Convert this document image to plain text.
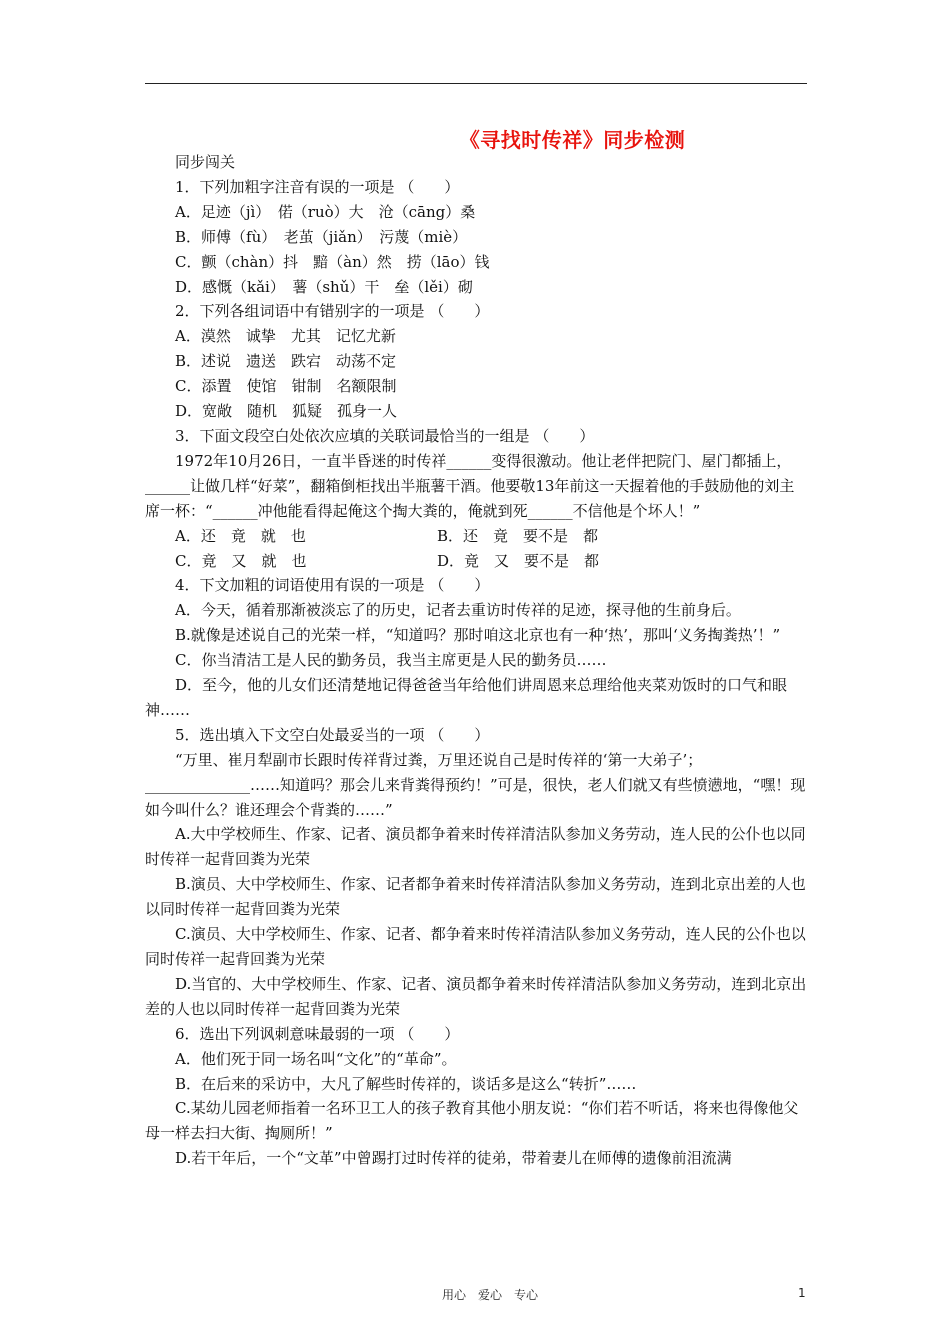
《寻找时传祥》同步检测

同步闯关

1．下列加粗字注音有误的一项是 （　　）

A．足迹（jì）　偌（ruò）大　沧（cāng）桑

B．师傅（fù）　老茧（jiǎn）　污蔑（miè）

C．颤（chàn）抖　黯（àn）然　捞（lāo）钱

D．感慨（kǎi）　薯（shǔ）干　垒（lěi）砌

2．下列各组词语中有错别字的一项是 （　　）

A．漠然　诚挚　尤其　记忆尤新

B．述说　遗送　跌宕　动荡不定

C．添置　使馆　钳制　名额限制

D．宽敞　随机　狐疑　孤身一人

3．下面文段空白处依次应填的关联词最恰当的一组是 （　　）

1972年10月26日，一直半昏迷的时传祥______变得很激动。他让老伴把院门、屋门都插上，______让做几样“好菜”，翻箱倒柜找出半瓶薯干酒。他要敬13年前这一天握着他的手鼓励他的刘主席一杯：“______冲他能看得起俺这个掏大粪的，俺就到死______不信他是个坏人！”

A．还　竟　就　也	B．还　竟　要不是　都
C．竟　又　就　也	D．竟　又　要不是　都

4．下文加粗的词语使用有误的一项是 （　　）

A．今天，循着那渐被淡忘了的历史，记者去重访时传祥的足迹，探寻他的生前身后。

B.就像是述说自己的光荣一样，“知道吗？那时咱这北京也有一种‘热’，那叫‘义务掏粪热’！”

C．你当清洁工是人民的勤务员，我当主席更是人民的勤务员……

D．至今，他的儿女们还清楚地记得爸爸当年给他们讲周恩来总理给他夹菜劝饭时的口气和眼神……

5．选出填入下文空白处最妥当的一项 （　　）

“万里、崔月犁副市长跟时传祥背过粪，万里还说自己是时传祥的‘第一大弟子’；______________……知道吗？那会儿来背粪得预约！”可是，很快，老人们就又有些愤懑地，“嘿！现如今叫什么？谁还理会个背粪的……”

A.大中学校师生、作家、记者、演员都争着来时传祥清洁队参加义务劳动，连人民的公仆也以同时传祥一起背回粪为光荣

B.演员、大中学校师生、作家、记者都争着来时传祥清洁队参加义务劳动，连到北京出差的人也以同时传祥一起背回粪为光荣

C.演员、大中学校师生、作家、记者、都争着来时传祥清洁队参加义务劳动，连人民的公仆也以同时传祥一起背回粪为光荣

D.当官的、大中学校师生、作家、记者、演员都争着来时传祥清洁队参加义务劳动，连到北京出差的人也以同时传祥一起背回粪为光荣

6．选出下列讽刺意味最弱的一项 （　　）

A．他们死于同一场名叫“文化”的“革命”。

B．在后来的采访中，大凡了解些时传祥的，谈话多是这么“转折”……

C.某幼儿园老师指着一名环卫工人的孩子教育其他小朋友说：“你们若不听话，将来也得像他父母一样去扫大街、掏厕所！”

D.若干年后，一个“文革”中曾踢打过时传祥的徒弟，带着妻儿在师傅的遗像前泪流满

用心　爱心　专心	1
